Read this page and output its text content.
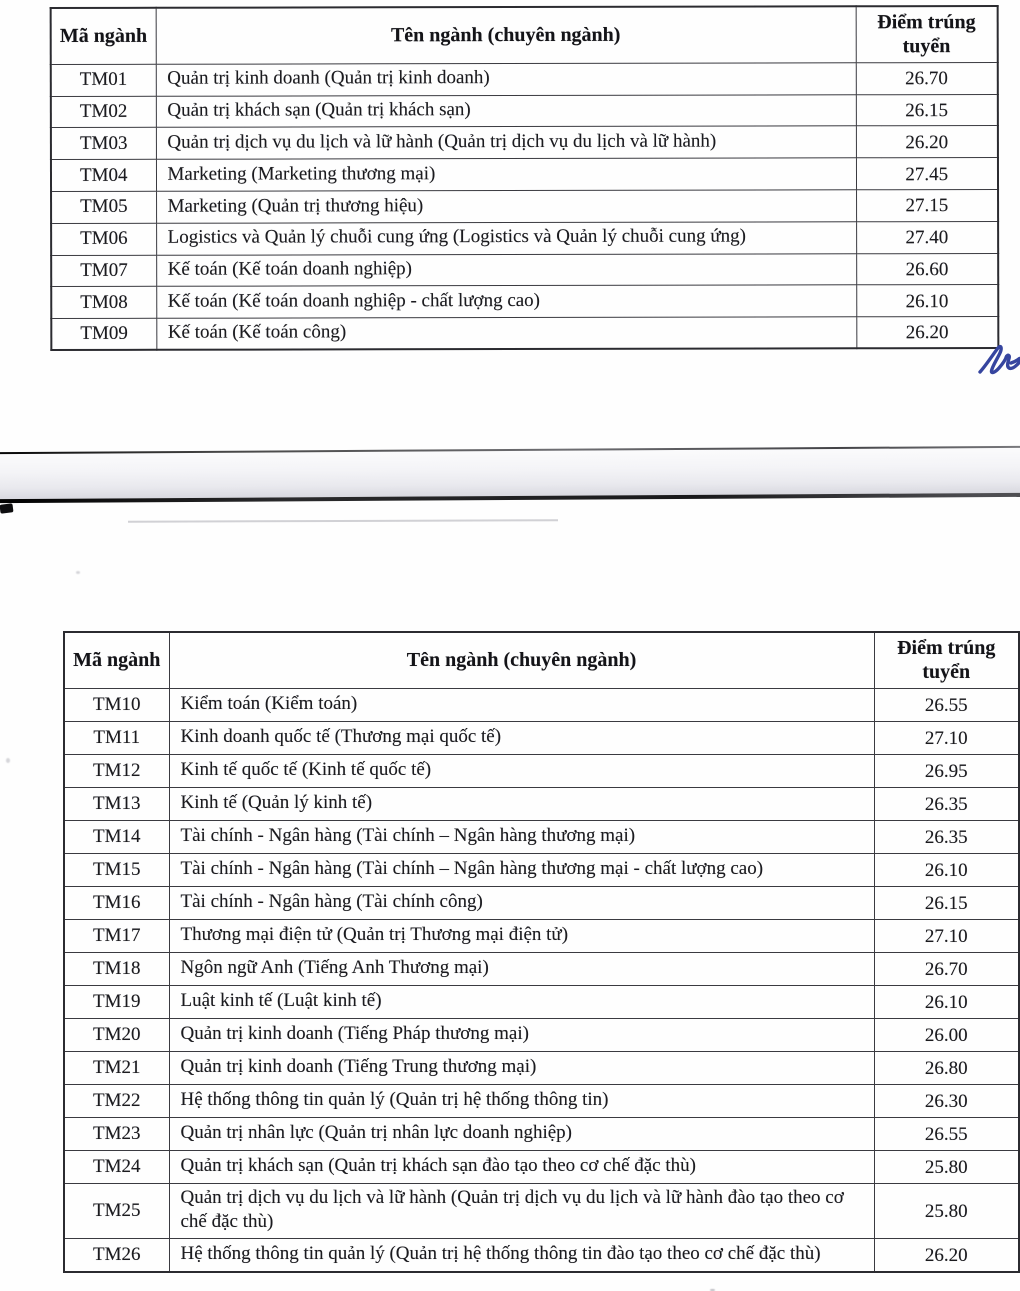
Mã ngành	Tên ngành (chuyên ngành)	Điểm trúng tuyển
TM01	Quản trị kinh doanh (Quản trị kinh doanh)	26.70
TM02	Quản trị khách sạn (Quản trị khách sạn)	26.15
TM03	Quản trị dịch vụ du lịch và lữ hành (Quản trị dịch vụ du lịch và lữ hành)	26.20
TM04	Marketing (Marketing thương mại)	27.45
TM05	Marketing (Quản trị thương hiệu)	27.15
TM06	Logistics và Quản lý chuỗi cung ứng (Logistics và Quản lý chuỗi cung ứng)	27.40
TM07	Kế toán (Kế toán doanh nghiệp)	26.60
TM08	Kế toán (Kế toán doanh nghiệp - chất lượng cao)	26.10
TM09	Kế toán (Kế toán công)	26.20
Mã ngành	Tên ngành (chuyên ngành)	Điểm trúng tuyển
TM10	Kiểm toán (Kiểm toán)	26.55
TM11	Kinh doanh quốc tế (Thương mại quốc tế)	27.10
TM12	Kinh tế quốc tế (Kinh tế quốc tế)	26.95
TM13	Kinh tế (Quản lý kinh tế)	26.35
TM14	Tài chính - Ngân hàng (Tài chính – Ngân hàng thương mại)	26.35
TM15	Tài chính - Ngân hàng (Tài chính – Ngân hàng thương mại - chất lượng cao)	26.10
TM16	Tài chính - Ngân hàng (Tài chính công)	26.15
TM17	Thương mại điện tử (Quản trị Thương mại điện tử)	27.10
TM18	Ngôn ngữ Anh (Tiếng Anh Thương mại)	26.70
TM19	Luật kinh tế (Luật kinh tế)	26.10
TM20	Quản trị kinh doanh (Tiếng Pháp thương mại)	26.00
TM21	Quản trị kinh doanh (Tiếng Trung thương mại)	26.80
TM22	Hệ thống thông tin quản lý (Quản trị hệ thống thông tin)	26.30
TM23	Quản trị nhân lực (Quản trị nhân lực doanh nghiệp)	26.55
TM24	Quản trị khách sạn (Quản trị khách sạn đào tạo theo cơ chế đặc thù)	25.80
TM25	Quản trị dịch vụ du lịch và lữ hành (Quản trị dịch vụ du lịch và lữ hành đào tạo theo cơ chế đặc thù)	25.80
TM26	Hệ thống thông tin quản lý (Quản trị hệ thống thông tin đào tạo theo cơ chế đặc thù)	26.20
